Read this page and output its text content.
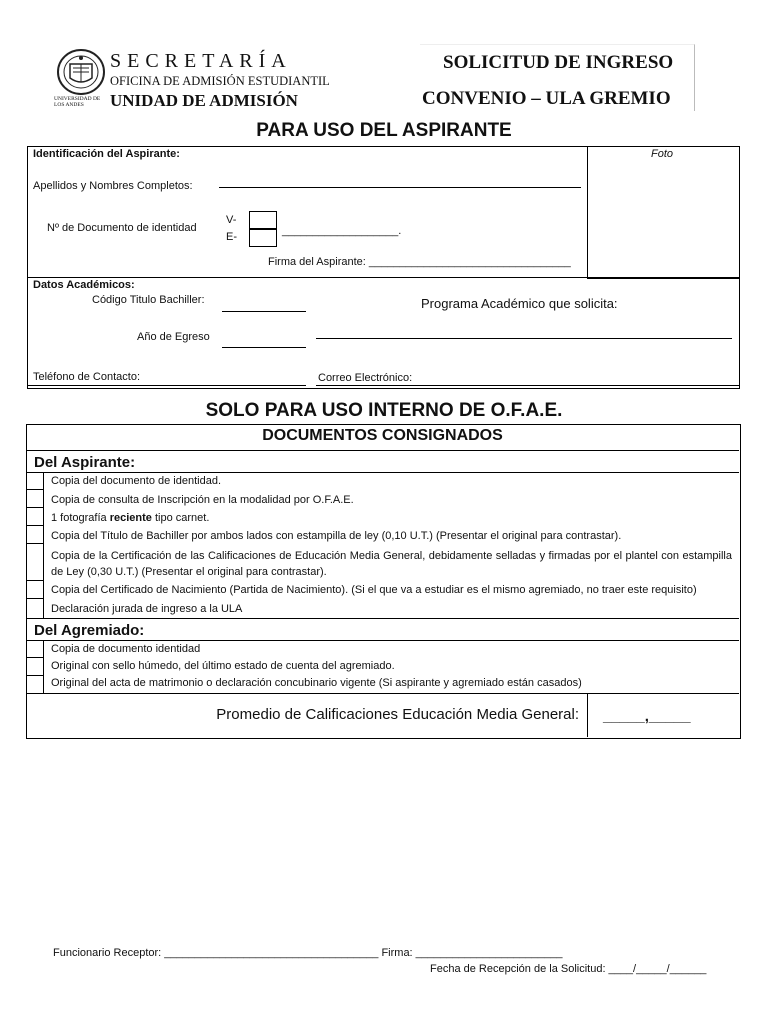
UNIVERSIDAD DE LOS ANDES
SECRETARÍA
OFICINA DE ADMISIÓN ESTUDIANTIL
UNIDAD DE ADMISIÓN
SOLICITUD DE INGRESO
CONVENIO – ULA GREMIO
PARA USO DEL ASPIRANTE
Foto
Identificación del Aspirante:
Apellidos y Nombres Completos:
Nº de Documento de identidad
V-
E-	___________________.
Firma del Aspirante: _________________________________
Datos Académicos:
Código Titulo Bachiller:	Programa Académico que solicita:
Año de Egreso
Teléfono de Contacto:	Correo Electrónico:
SOLO PARA USO INTERNO DE O.F.A.E.
DOCUMENTOS CONSIGNADOS
Del Aspirante:
Copia del documento de identidad.
Copia de consulta de Inscripción en la modalidad por O.F.A.E.
1 fotografía reciente tipo carnet.
Copia del Título de Bachiller por ambos lados con estampilla de ley (0,10 U.T.) (Presentar el original para contrastar).
Copia de la Certificación de las Calificaciones de Educación Media General, debidamente selladas y firmadas por el plantel con estampilla de Ley (0,30 U.T.) (Presentar el original para contrastar).
Copia del Certificado de Nacimiento (Partida de Nacimiento). (Si el que va a estudiar es el mismo agremiado, no traer este requisito)
Declaración jurada de ingreso a la ULA
Del Agremiado:
Copia de documento identidad
Original con sello húmedo, del último estado de cuenta del agremiado.
Original del acta de matrimonio o declaración concubinario vigente (Si aspirante y agremiado están casados)
Promedio de Calificaciones Educación Media General: _____,_____
Funcionario Receptor: ___________________________________ Firma: ________________________
Fecha de Recepción de la Solicitud: ____/_____/______
